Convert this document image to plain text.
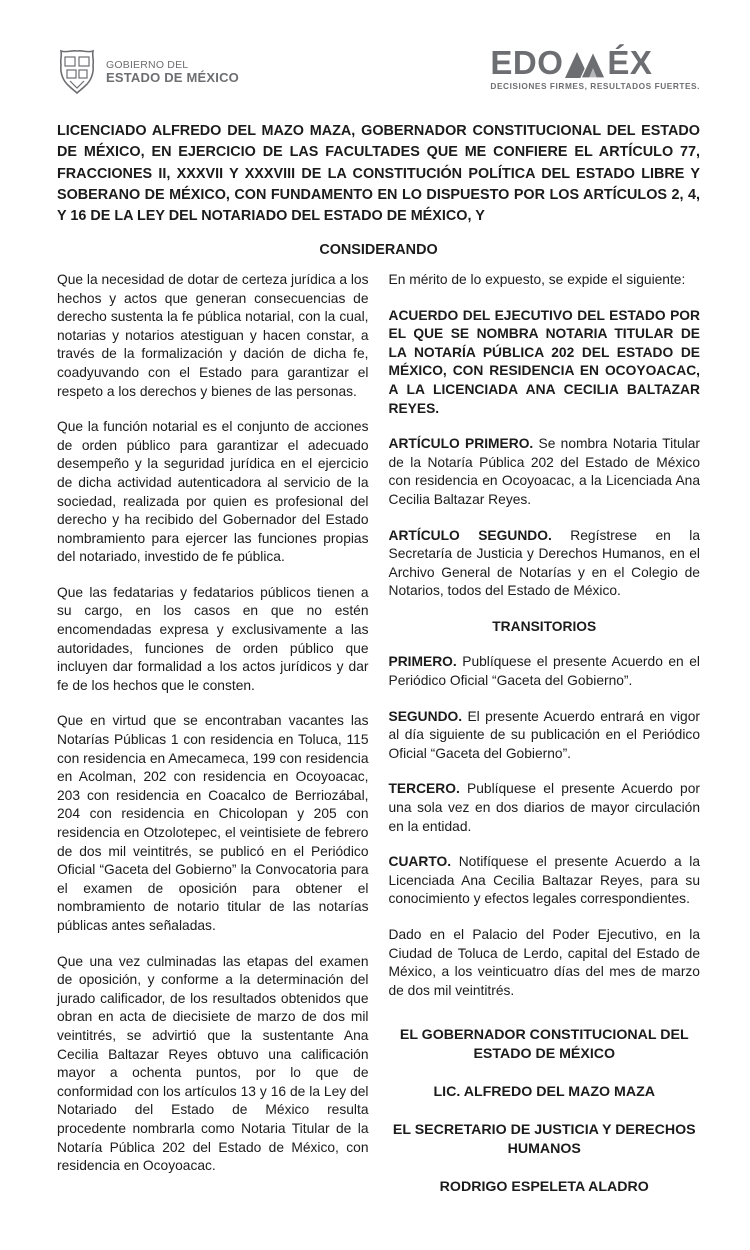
GOBIERNO DEL
ESTADO DE MÉXICO	EDO ÉX
DECISIONES FIRMES, RESULTADOS FUERTES.

LICENCIADO ALFREDO DEL MAZO MAZA, GOBERNADOR CONSTITUCIONAL DEL ESTADO DE MÉXICO, EN EJERCICIO DE LAS FACULTADES QUE ME CONFIERE EL ARTÍCULO 77, FRACCIONES II, XXXVII Y XXXVIII DE LA CONSTITUCIÓN POLÍTICA DEL ESTADO LIBRE Y SOBERANO DE MÉXICO, CON FUNDAMENTO EN LO DISPUESTO POR LOS ARTÍCULOS 2, 4, Y 16 DE LA LEY DEL NOTARIADO DEL ESTADO DE MÉXICO, Y

CONSIDERANDO

Que la necesidad de dotar de certeza jurídica a los hechos y actos que generan consecuencias de derecho sustenta la fe pública notarial, con la cual, notarias y notarios atestiguan y hacen constar, a través de la formalización y dación de dicha fe, coadyuvando con el Estado para garantizar el respeto a los derechos y bienes de las personas.

Que la función notarial es el conjunto de acciones de orden público para garantizar el adecuado desempeño y la seguridad jurídica en el ejercicio de dicha actividad autenticadora al servicio de la sociedad, realizada por quien es profesional del derecho y ha recibido del Gobernador del Estado nombramiento para ejercer las funciones propias del notariado, investido de fe pública.

Que las fedatarias y fedatarios públicos tienen a su cargo, en los casos en que no estén encomendadas expresa y exclusivamente a las autoridades, funciones de orden público que incluyen dar formalidad a los actos jurídicos y dar fe de los hechos que le consten.

Que en virtud que se encontraban vacantes las Notarías Públicas 1 con residencia en Toluca, 115 con residencia en Amecameca, 199 con residencia en Acolman, 202 con residencia en Ocoyoacac, 203 con residencia en Coacalco de Berriozábal, 204 con residencia en Chicolopan y 205 con residencia en Otzolotepec, el veintisiete de febrero de dos mil veintitrés, se publicó en el Periódico Oficial “Gaceta del Gobierno” la Convocatoria para el examen de oposición para obtener el nombramiento de notario titular de las notarías públicas antes señaladas.

Que una vez culminadas las etapas del examen de oposición, y conforme a la determinación del jurado calificador, de los resultados obtenidos que obran en acta de diecisiete de marzo de dos mil veintitrés, se advirtió que la sustentante Ana Cecilia Baltazar Reyes obtuvo una calificación mayor a ochenta puntos, por lo que de conformidad con los artículos 13 y 16 de la Ley del Notariado del Estado de México resulta procedente nombrarla como Notaria Titular de la Notaría Pública 202 del Estado de México, con residencia en Ocoyoacac.

En mérito de lo expuesto, se expide el siguiente:

ACUERDO DEL EJECUTIVO DEL ESTADO POR EL QUE SE NOMBRA NOTARIA TITULAR DE LA NOTARÍA PÚBLICA 202 DEL ESTADO DE MÉXICO, CON RESIDENCIA EN OCOYOACAC, A LA LICENCIADA ANA CECILIA BALTAZAR REYES.

ARTÍCULO PRIMERO. Se nombra Notaria Titular de la Notaría Pública 202 del Estado de México con residencia en Ocoyoacac, a la Licenciada Ana Cecilia Baltazar Reyes.

ARTÍCULO SEGUNDO. Regístrese en la Secretaría de Justicia y Derechos Humanos, en el Archivo General de Notarías y en el Colegio de Notarios, todos del Estado de México.

TRANSITORIOS

PRIMERO. Publíquese el presente Acuerdo en el Periódico Oficial “Gaceta del Gobierno”.

SEGUNDO. El presente Acuerdo entrará en vigor al día siguiente de su publicación en el Periódico Oficial “Gaceta del Gobierno”.

TERCERO. Publíquese el presente Acuerdo por una sola vez en dos diarios de mayor circulación en la entidad.

CUARTO. Notifíquese el presente Acuerdo a la Licenciada Ana Cecilia Baltazar Reyes, para su conocimiento y efectos legales correspondientes.

Dado en el Palacio del Poder Ejecutivo, en la Ciudad de Toluca de Lerdo, capital del Estado de México, a los veinticuatro días del mes de marzo de dos mil veintitrés.

EL GOBERNADOR CONSTITUCIONAL DEL ESTADO DE MÉXICO

LIC. ALFREDO DEL MAZO MAZA

EL SECRETARIO DE JUSTICIA Y DERECHOS HUMANOS

RODRIGO ESPELETA ALADRO
